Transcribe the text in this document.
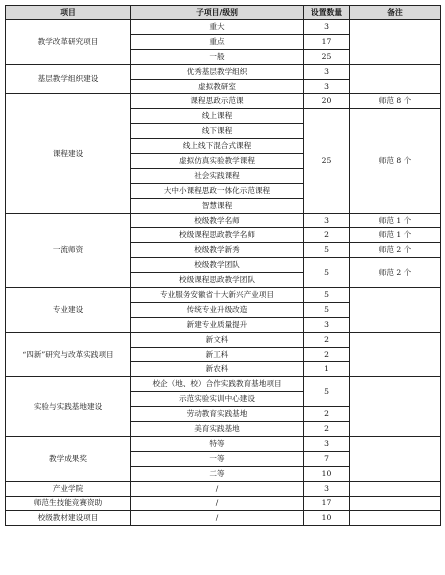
项目	子项目/级别	设置数量	备注
教学改革研究项目	重大	3	
	重点	17	
	一般	25	
基层教学组织建设	优秀基层教学组织	3	
	虚拟教研室	3	
课程建设	课程思政示范课	20	师范 8 个
	线上课程	25	师范 8 个
	线下课程		
	线上线下混合式课程		
	虚拟仿真实验教学课程		
	社会实践课程		
	大中小课程思政一体化示范课程		
	智慧课程		
一流师资	校级教学名师	3	师范 1 个
	校级课程思政教学名师	2	师范 1 个
	校级教学新秀	5	师范 2 个
	校级教学团队	5	师范 2 个
	校级课程思政教学团队		
专业建设	专业服务安徽省十大新兴产业项目	5	
	传统专业升级改造	5	
	新建专业质量提升	3	
“四新”研究与改革实践项目	新文科	2	
	新工科	2	
	新农科	1	
实验与实践基地建设	校企（地、校）合作实践教育基地项目	5	
	示范实验实训中心建设		
	劳动教育实践基地	2	
	美育实践基地	2	
教学成果奖	特等	3	
	一等	7	
	二等	10	
产业学院	/	3	
师范生技能竞赛资助	/	17	
校级教材建设项目	/	10	
